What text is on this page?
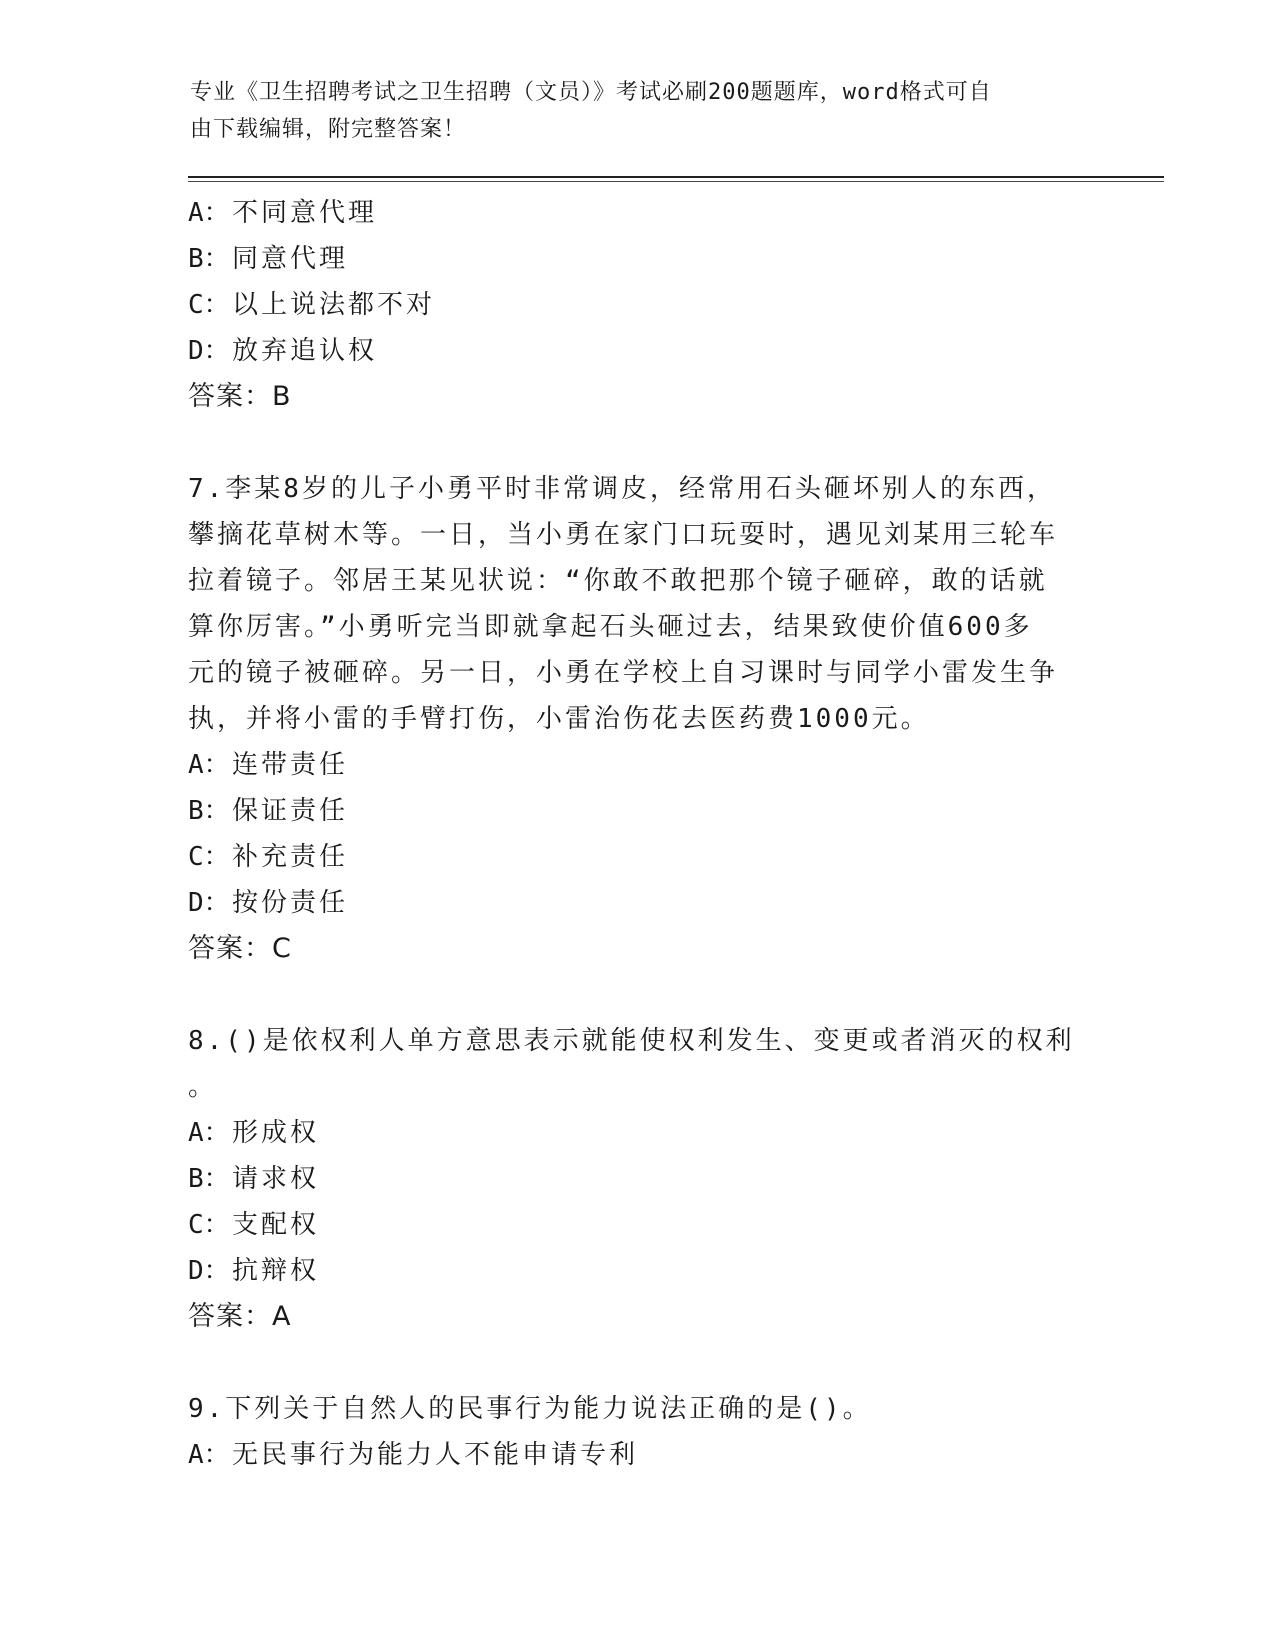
专业《卫生招聘考试之卫生招聘（文员）》考试必刷200题题库，word格式可自
由下载编辑，附完整答案！
A：不同意代理
B：同意代理
C：以上说法都不对
D：放弃追认权
答案：B
7.李某8岁的儿子小勇平时非常调皮，经常用石头砸坏别人的东西，
攀摘花草树木等。一日，当小勇在家门口玩耍时，遇见刘某用三轮车
拉着镜子。邻居王某见状说：“你敢不敢把那个镜子砸碎，敢的话就
算你厉害。”小勇听完当即就拿起石头砸过去，结果致使价值600多
元的镜子被砸碎。另一日，小勇在学校上自习课时与同学小雷发生争
执，并将小雷的手臂打伤，小雷治伤花去医药费1000元。
A：连带责任
B：保证责任
C：补充责任
D：按份责任
答案：C
8.()是依权利人单方意思表示就能使权利发生、变更或者消灭的权利
。
A：形成权
B：请求权
C：支配权
D：抗辩权
答案：A
9.下列关于自然人的民事行为能力说法正确的是()。
A：无民事行为能力人不能申请专利
